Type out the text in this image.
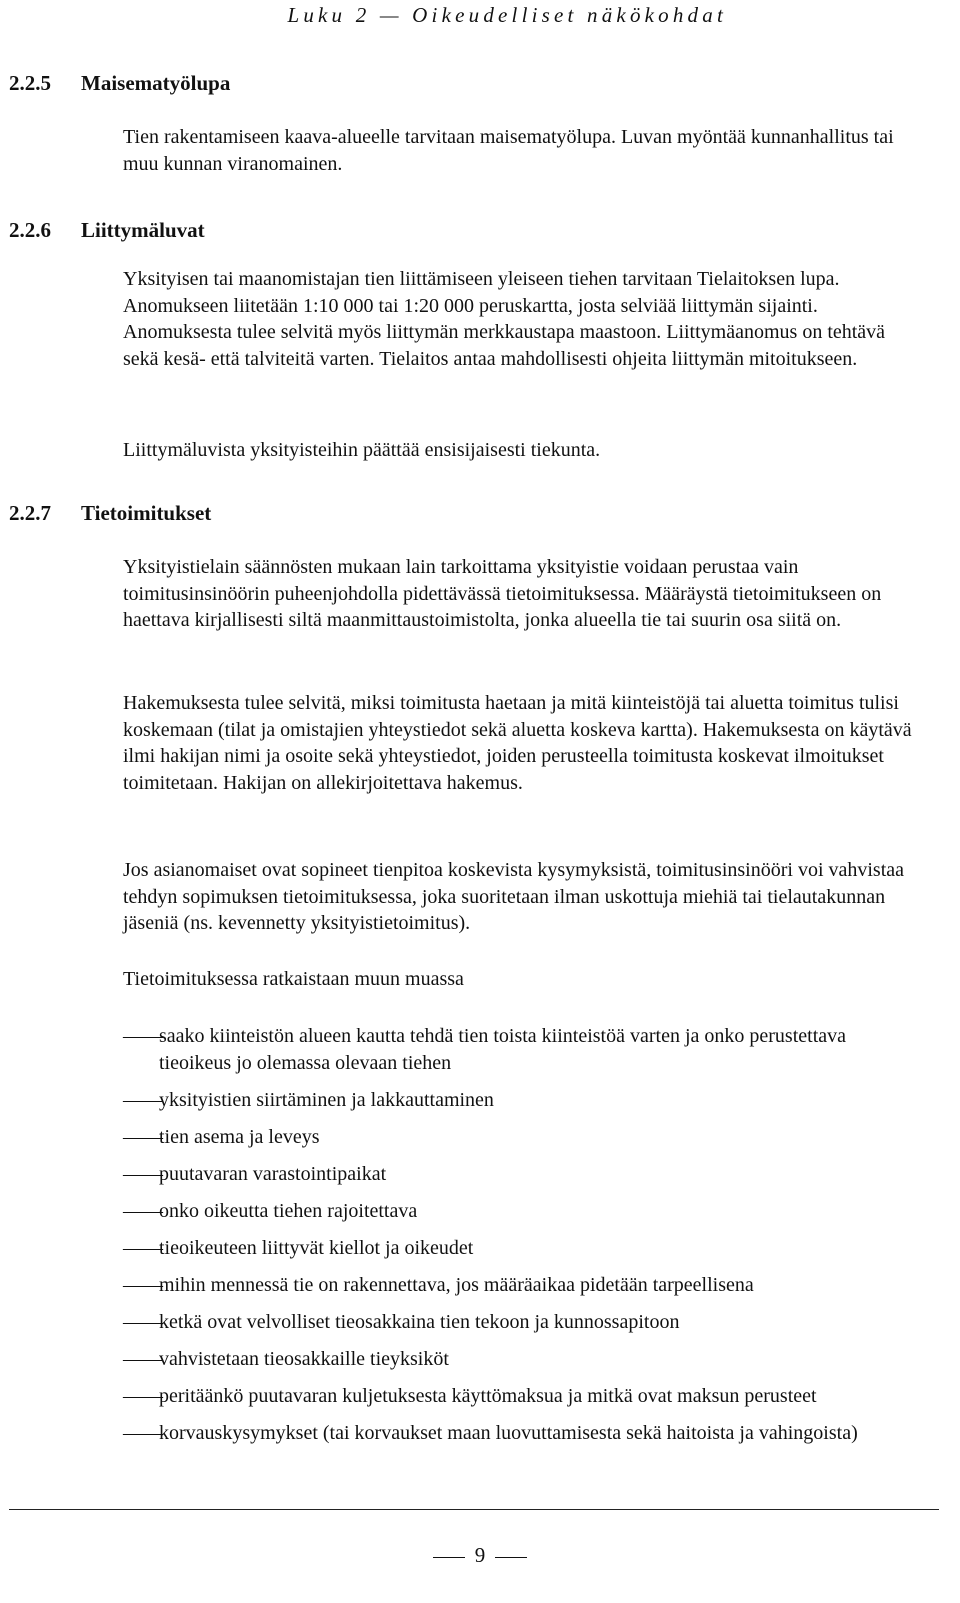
Luku 2 — Oikeudelliset näkökohdat
2.2.5 Maisematyölupa

Tien rakentamiseen kaava-alueelle tarvitaan maisematyölupa. Luvan myöntää kunnanhallitus tai muu kunnan viranomainen.

2.2.6 Liittymäluvat

Yksityisen tai maanomistajan tien liittämiseen yleiseen tiehen tarvitaan Tielaitoksen lupa. Anomukseen liitetään 1:10 000 tai 1:20 000 peruskartta, josta selviää liittymän sijainti. Anomuksesta tulee selvitä myös liittymän merkkaustapa maastoon. Liittymäanomus on tehtävä sekä kesä- että talviteitä varten. Tielaitos antaa mahdollisesti ohjeita liittymän mitoitukseen.

Liittymäluvista yksityisteihin päättää ensisijaisesti tiekunta.

2.2.7 Tietoimitukset

Yksityistielain säännösten mukaan lain tarkoittama yksityistie voidaan perustaa vain toimitusinsinöörin puheenjohdolla pidettävässä tietoimituksessa. Määräystä tietoimitukseen on haettava kirjallisesti siltä maanmittaustoimistolta, jonka alueella tie tai suurin osa siitä on.

Hakemuksesta tulee selvitä, miksi toimitusta haetaan ja mitä kiinteistöjä tai aluetta toimitus tulisi koskemaan (tilat ja omistajien yhteystiedot sekä aluetta koskeva kartta). Hakemuksesta on käytävä ilmi hakijan nimi ja osoite sekä yhteystiedot, joiden perusteella toimitusta koskevat ilmoitukset toimitetaan. Hakijan on allekirjoitettava hakemus.

Jos asianomaiset ovat sopineet tienpitoa koskevista kysymyksistä, toimitusinsinööri voi vahvistaa tehdyn sopimuksen tietoimituksessa, joka suoritetaan ilman uskottuja miehiä tai tielautakunnan jäseniä (ns. kevennetty yksityistietoimitus).

Tietoimituksessa ratkaistaan muun muassa

——
saako kiinteistön alueen kautta tehdä tien toista kiinteistöä varten ja onko perustettava tieoikeus jo olemassa olevaan tiehen
——
yksityistien siirtäminen ja lakkauttaminen
——
tien asema ja leveys
——
puutavaran varastointipaikat
——
onko oikeutta tiehen rajoitettava
——
tieoikeuteen liittyvät kiellot ja oikeudet
——
mihin mennessä tie on rakennettava, jos määräaikaa pidetään tarpeellisena
——
ketkä ovat velvolliset tieosakkaina tien tekoon ja kunnossapitoon
——
vahvistetaan tieosakkaille tieyksiköt
——
peritäänkö puutavaran kuljetuksesta käyttömaksua ja mitkä ovat maksun perusteet
——
korvauskysymykset (tai korvaukset maan luovuttamisesta sekä haitoista ja vahingoista)
9
